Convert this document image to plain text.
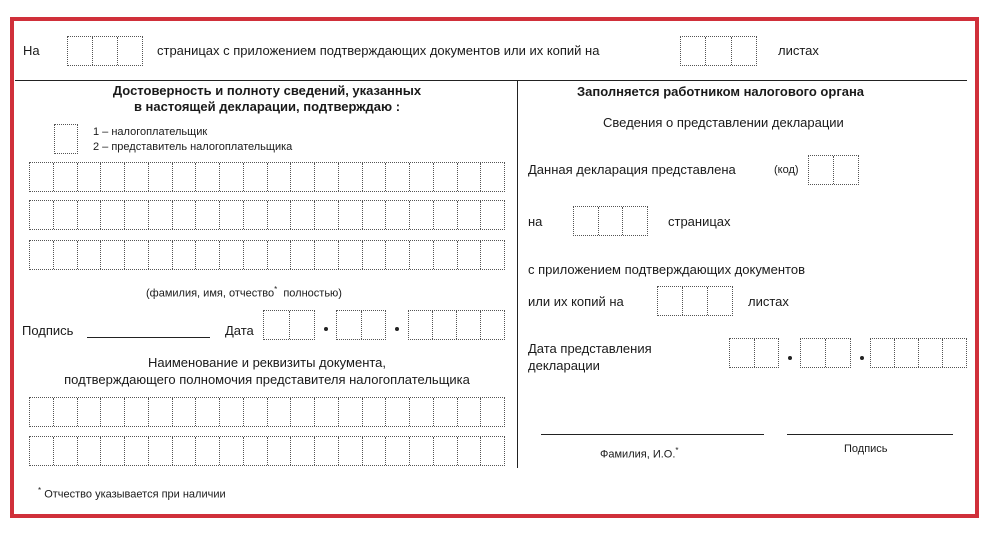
На	страницах с приложением подтверждающих документов или их копий на	листах
Достоверность и полноту сведений, указанных
в настоящей декларации, подтверждаю :
1 – налогоплательщик
2 – представитель налогоплательщика
(фамилия, имя, отчество* полностью)
Подпись	Дата
Наименование и реквизиты документа,
подтверждающего полномочия представителя налогоплательщика
Заполняется работником налогового органа
Сведения о представлении декларации
Данная декларация представлена	(код)
на	страницах
с приложением подтверждающих документов
или их копий на	листах
Дата представления
декларации
Фамилия, И.О.*	Подпись
* Отчество указывается при наличии
